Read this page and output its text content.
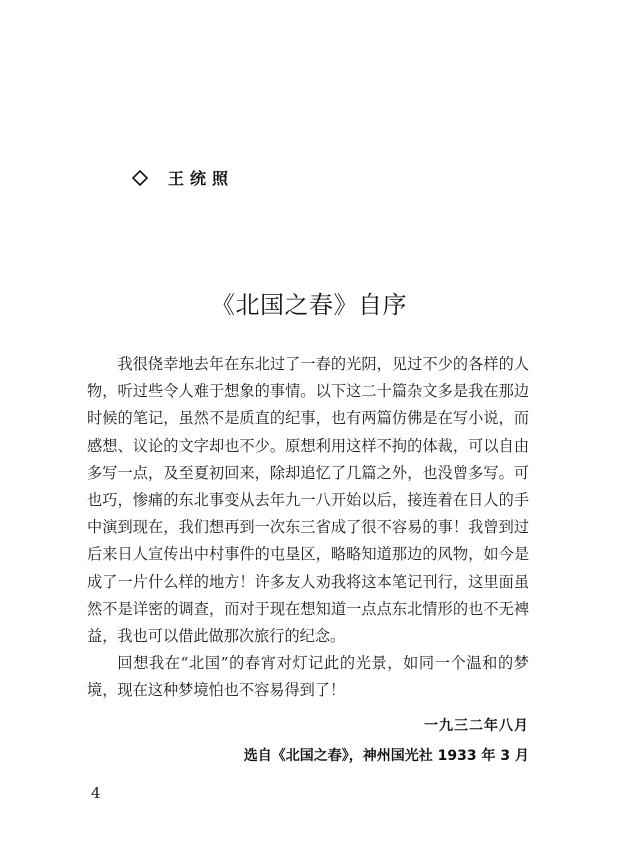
王统照
《北国之春》自序

我很侥幸地去年在东北过了一春的光阴，见过不少的各样的人物，听过些令人难于想象的事情。以下这二十篇杂文多是我在那边时候的笔记，虽然不是质直的纪事，也有两篇仿佛是在写小说，而感想、议论的文字却也不少。原想利用这样不拘的体裁，可以自由多写一点，及至夏初回来，除却追忆了几篇之外，也没曾多写。可也巧，惨痛的东北事变从去年九一八开始以后，接连着在日人的手中演到现在，我们想再到一次东三省成了很不容易的事！我曾到过后来日人宣传出中村事件的屯垦区，略略知道那边的风物，如今是成了一片什么样的地方！许多友人劝我将这本笔记刊行，这里面虽然不是详密的调查，而对于现在想知道一点点东北情形的也不无裨益，我也可以借此做那次旅行的纪念。

回想我在“北国”的春宵对灯记此的光景，如同一个温和的梦境，现在这种梦境怕也不容易得到了！

一九三二年八月
选自《北国之春》，神州国光社 1933 年 3 月
4
